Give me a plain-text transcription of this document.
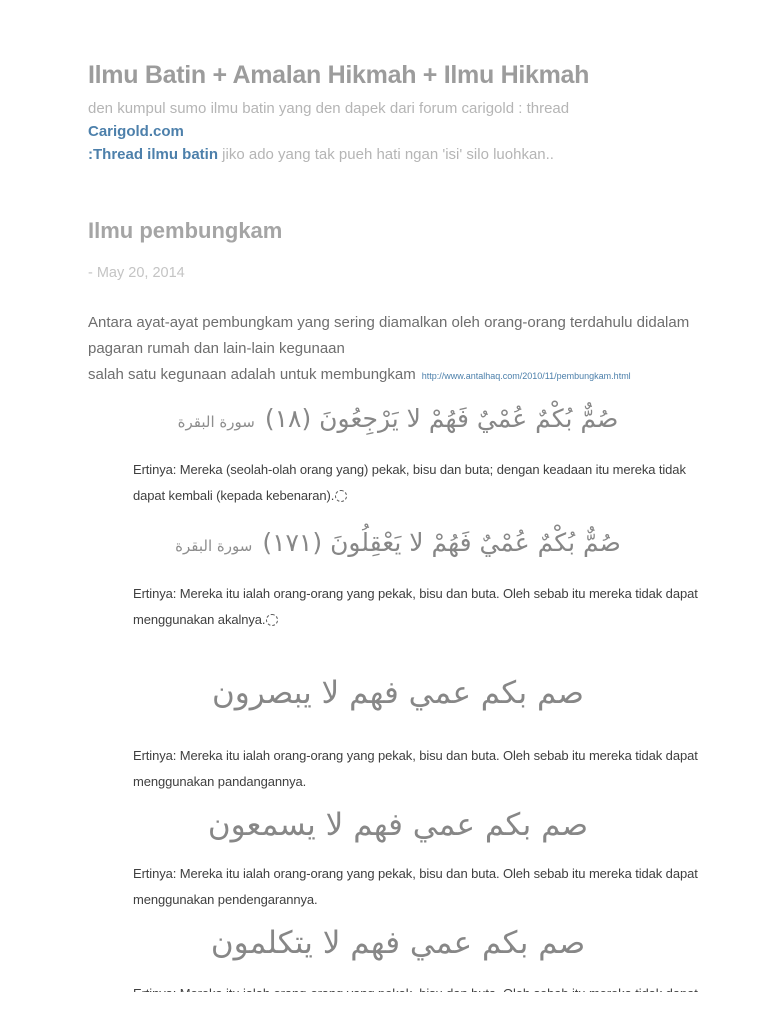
Ilmu Batin + Amalan Hikmah + Ilmu Hikmah
den kumpul sumo ilmu batin yang den dapek dari forum carigold : thread Carigold.com
:Thread ilmu batin jiko ado yang tak pueh hati ngan 'isi' silo luohkan..
Ilmu pembungkam
- May 20, 2014
Antara ayat-ayat pembungkam yang sering diamalkan oleh orang-orang terdahulu didalam
pagaran rumah dan lain-lain kegunaan
salah satu kegunaan adalah untuk membungkam http://www.antalhaq.com/2010/11/pembungkam.html
صُمٌّ بُكْمٌ عُمْيٌ فَهُمْ لا يَرْجِعُونَ (١٨)سورة البقرة
Ertinya: Mereka (seolah-olah orang yang) pekak, bisu dan buta; dengan keadaan itu mereka tidak
dapat kembali (kepada kebenaran).
صُمٌّ بُكْمٌ عُمْيٌ فَهُمْ لا يَعْقِلُونَ (١٧١)سورة البقرة
Ertinya: Mereka itu ialah orang-orang yang pekak, bisu dan buta. Oleh sebab itu mereka tidak dapat
menggunakan akalnya.
صم بكم عمي فهم لا يبصرون
Ertinya: Mereka itu ialah orang-orang yang pekak, bisu dan buta. Oleh sebab itu mereka tidak dapat
menggunakan pandangannya.
صم بكم عمي فهم لا يسمعون
Ertinya: Mereka itu ialah orang-orang yang pekak, bisu dan buta. Oleh sebab itu mereka tidak dapat
menggunakan pendengarannya.
صم بكم عمي فهم لا يتكلمون
